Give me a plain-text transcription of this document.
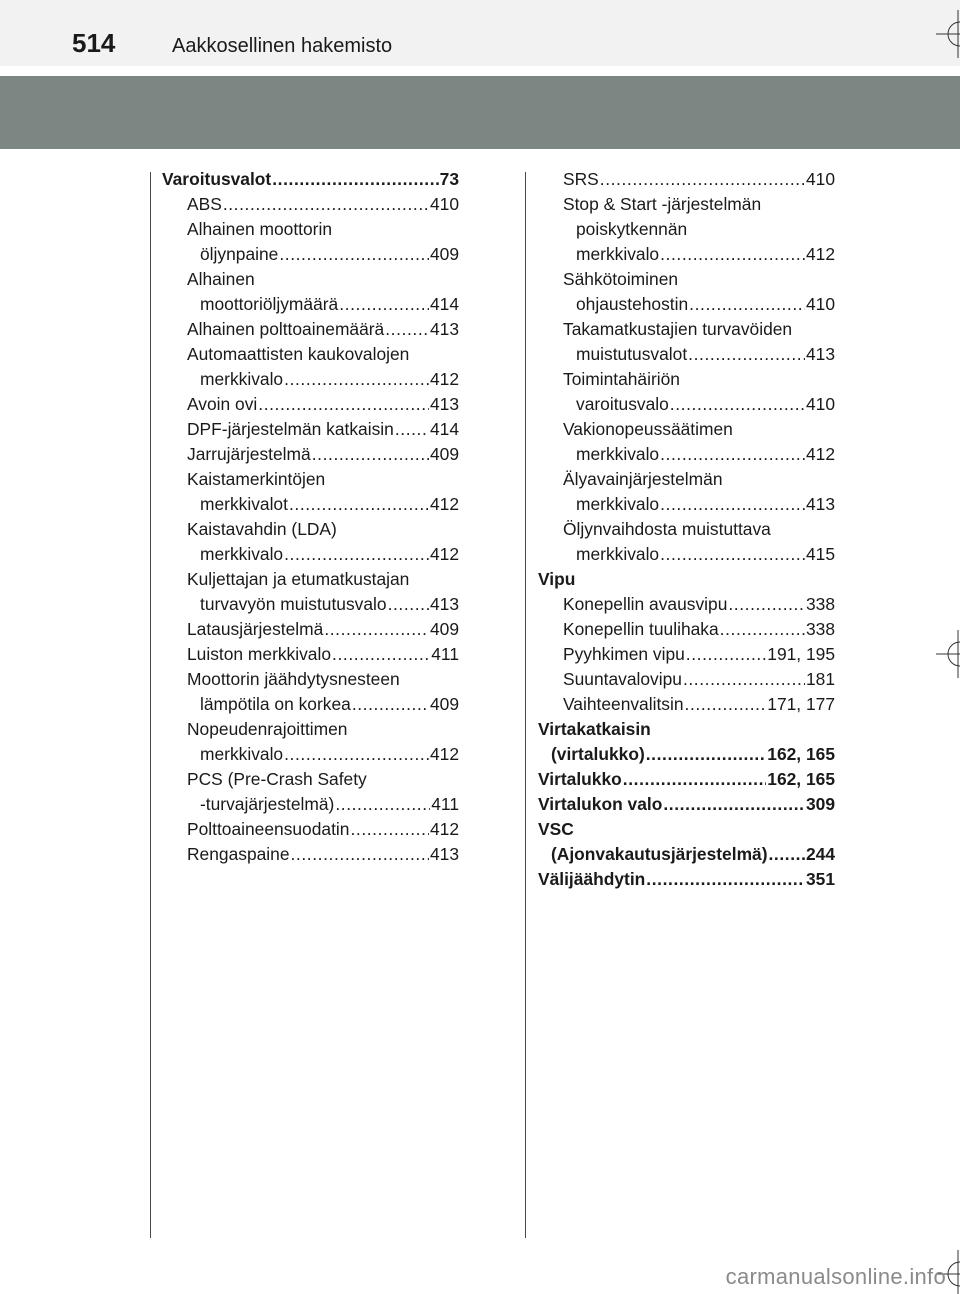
514	Aakkosellinen hakemisto
Varoitusvalot .....	73
ABS .....	410
Alhainen moottorin
öljynpaine .....	409
Alhainen
moottoriöljymäärä .....	414
Alhainen polttoainemäärä .....	413
Automaattisten kaukovalojen
merkkivalo .....	412
Avoin ovi .....	413
DPF-järjestelmän katkaisin ..... 414
Jarrujärjestelmä .....	409
Kaistamerkintöjen
merkkivalot .....	412
Kaistavahdin (LDA)
merkkivalo .....	412
Kuljettajan ja etumatkustajan
turvavyön muistutusvalo ..... 413
Latausjärjestelmä .....	409
Luiston merkkivalo .....	411
Moottorin jäähdytysnesteen
lämpötila on korkea .....	409
Nopeudenrajoittimen
merkkivalo .....	412
PCS (Pre-Crash Safety
-turvajärjestelmä) .....	411
Polttoaineensuodatin .....	412
Rengaspaine .....	413
SRS .....	410
Stop & Start -järjestelmän
poiskytkennän
merkkivalo .....	412
Sähkötoiminen
ohjaustehostin .....	410
Takamatkustajien turvavöiden
muistutusvalot .....	413
Toimintahäiriön
varoitusvalo .....	410
Vakionopeussäätimen
merkkivalo .....	412
Älyavainjärjestelmän
merkkivalo .....	413
Öljynvaihdosta muistuttava
merkkivalo .....	415
Vipu
Konepellin avausvipu .....	338
Konepellin tuulihaka .....	338
Pyyhkimen vipu .....	191, 195
Suuntavalovipu .....	181
Vaihteenvalitsin .....	171, 177
Virtakatkaisin
(virtalukko) .....	162, 165
Virtalukko .....	162, 165
Virtalukon valo .....	309
VSC
(Ajonvakautusjärjestelmä) ..... 244
Välijäähdytin .....	351
carmanualsonline.info
